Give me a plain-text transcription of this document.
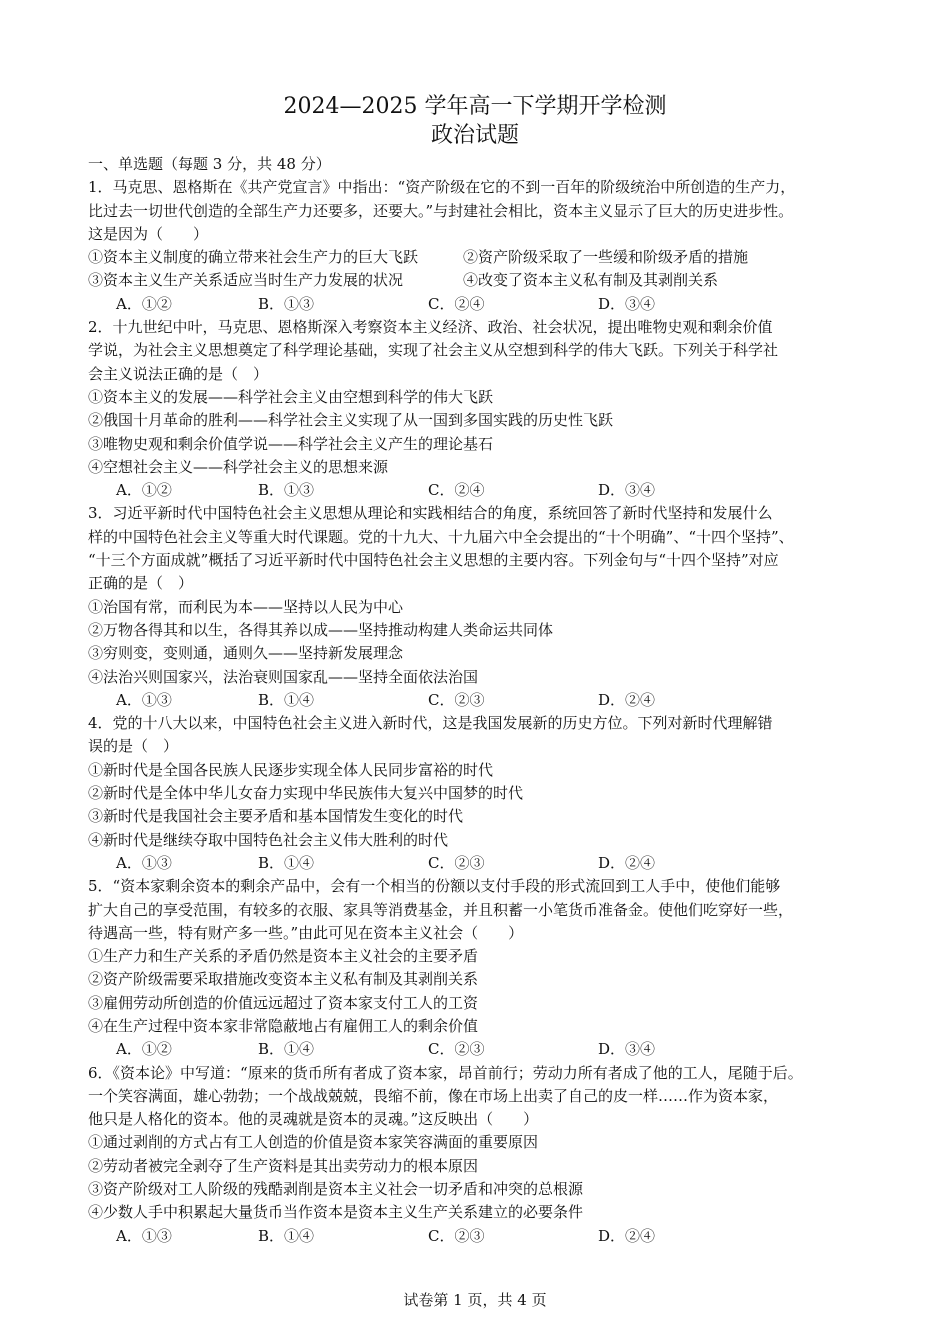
2024—2025 学年高一下学期开学检测
政治试题
一、单选题（每题 3 分，共 48 分）
1．马克思、恩格斯在《共产党宣言》中指出：“资产阶级在它的不到一百年的阶级统治中所创造的生产力，
比过去一切世代创造的全部生产力还要多，还要大。”与封建社会相比，资本主义显示了巨大的历史进步性。
这是因为（　　）
①资本主义制度的确立带来社会生产力的巨大飞跃　　　②资产阶级采取了一些缓和阶级矛盾的措施
③资本主义生产关系适应当时生产力发展的状况　　　　④改变了资本主义私有制及其剥削关系
A．①②	B．①③	C．②④	D．③④
2．十九世纪中叶，马克思、恩格斯深入考察资本主义经济、政治、社会状况，提出唯物史观和剩余价值
学说，为社会主义思想奠定了科学理论基础，实现了社会主义从空想到科学的伟大飞跃。下列关于科学社
会主义说法正确的是（　）
①资本主义的发展——科学社会主义由空想到科学的伟大飞跃
②俄国十月革命的胜利——科学社会主义实现了从一国到多国实践的历史性飞跃
③唯物史观和剩余价值学说——科学社会主义产生的理论基石
④空想社会主义——科学社会主义的思想来源
A．①②	B．①③	C．②④	D．③④
3．习近平新时代中国特色社会主义思想从理论和实践相结合的角度，系统回答了新时代坚持和发展什么
样的中国特色社会主义等重大时代课题。党的十九大、十九届六中全会提出的“十个明确”、“十四个坚持”、
“十三个方面成就”概括了习近平新时代中国特色社会主义思想的主要内容。下列金句与“十四个坚持”对应
正确的是（　）
①治国有常，而利民为本——坚持以人民为中心
②万物各得其和以生，各得其养以成——坚持推动构建人类命运共同体
③穷则变，变则通，通则久——坚持新发展理念
④法治兴则国家兴，法治衰则国家乱——坚持全面依法治国
A．①③	B．①④	C．②③	D．②④
4．党的十八大以来，中国特色社会主义进入新时代，这是我国发展新的历史方位。下列对新时代理解错
误的是（　）
①新时代是全国各民族人民逐步实现全体人民同步富裕的时代
②新时代是全体中华儿女奋力实现中华民族伟大复兴中国梦的时代
③新时代是我国社会主要矛盾和基本国情发生变化的时代
④新时代是继续夺取中国特色社会主义伟大胜利的时代
A．①③	B．①④	C．②③	D．②④
5．“资本家剩余资本的剩余产品中，会有一个相当的份额以支付手段的形式流回到工人手中，使他们能够
扩大自己的享受范围，有较多的衣服、家具等消费基金，并且积蓄一小笔货币准备金。使他们吃穿好一些，
待遇高一些，特有财产多一些。”由此可见在资本主义社会（　　）
①生产力和生产关系的矛盾仍然是资本主义社会的主要矛盾
②资产阶级需要采取措施改变资本主义私有制及其剥削关系
③雇佣劳动所创造的价值远远超过了资本家支付工人的工资
④在生产过程中资本家非常隐蔽地占有雇佣工人的剩余价值
A．①②	B．①④	C．②③	D．③④
6．《资本论》中写道：“原来的货币所有者成了资本家，昂首前行；劳动力所有者成了他的工人，尾随于后。
一个笑容满面，雄心勃勃；一个战战兢兢，畏缩不前，像在市场上出卖了自己的皮一样……作为资本家，
他只是人格化的资本。他的灵魂就是资本的灵魂。”这反映出（　　）
①通过剥削的方式占有工人创造的价值是资本家笑容满面的重要原因
②劳动者被完全剥夺了生产资料是其出卖劳动力的根本原因
③资产阶级对工人阶级的残酷剥削是资本主义社会一切矛盾和冲突的总根源
④少数人手中积累起大量货币当作资本是资本主义生产关系建立的必要条件
A．①③	B．①④	C．②③	D．②④
试卷第 1 页，共 4 页
